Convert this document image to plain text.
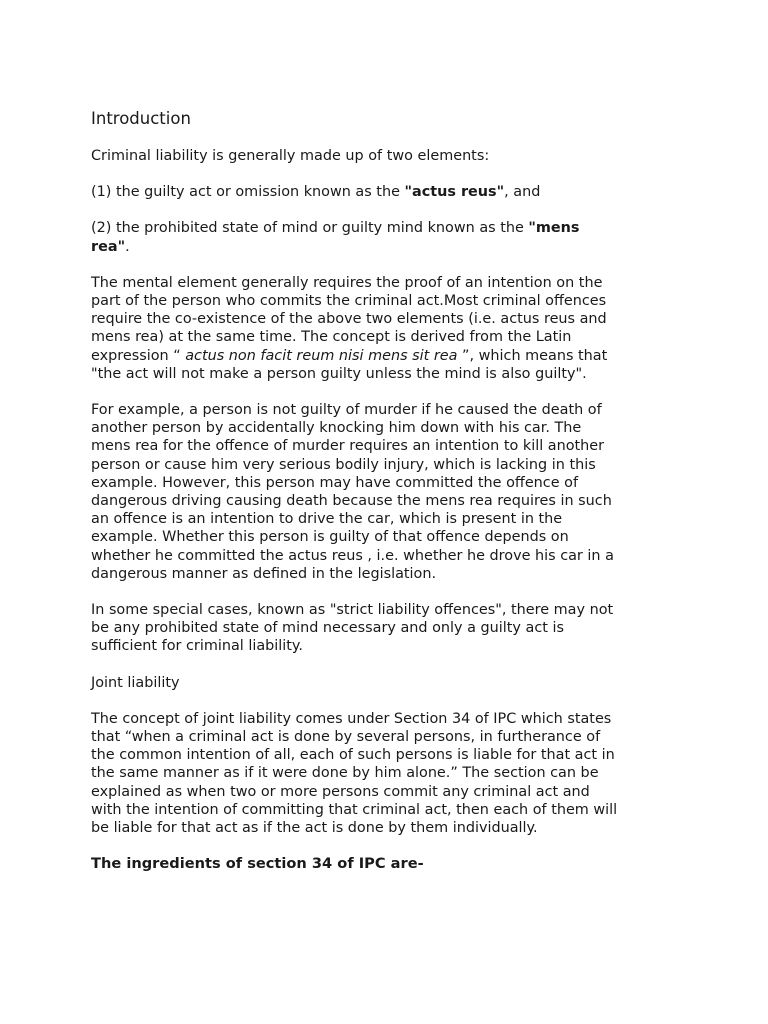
Introduction

Criminal liability is generally made up of two elements:

(1) the guilty act or omission known as the "actus reus", and

(2) the prohibited state of mind or guilty mind known as the "mens rea".

The mental element generally requires the proof of an intention on the part of the person who commits the criminal act.Most criminal offences require the co-existence of the above two elements (i.e. actus reus and mens rea) at the same time. The concept is derived from the Latin expression “ actus non facit reum nisi mens sit rea ”, which means that "the act will not make a person guilty unless the mind is also guilty".

For example, a person is not guilty of murder if he caused the death of another person by accidentally knocking him down with his car. The mens rea for the offence of murder requires an intention to kill another person or cause him very serious bodily injury, which is lacking in this example. However, this person may have committed the offence of dangerous driving causing death because the mens rea requires in such an offence is an intention to drive the car, which is present in the example. Whether this person is guilty of that offence depends on whether he committed the actus reus , i.e. whether he drove his car in a dangerous manner as defined in the legislation.

In some special cases, known as "strict liability offences", there may not be any prohibited state of mind necessary and only a guilty act is sufficient for criminal liability.

Joint liability

The concept of joint liability comes under Section 34 of IPC which states that “when a criminal act is done by several persons, in furtherance of the common intention of all, each of such persons is liable for that act in the same manner as if it were done by him alone.” The section can be explained as when two or more persons commit any criminal act and with the intention of committing that criminal act, then each of them will be liable for that act as if the act is done by them individually.

The ingredients of section 34 of IPC are-
